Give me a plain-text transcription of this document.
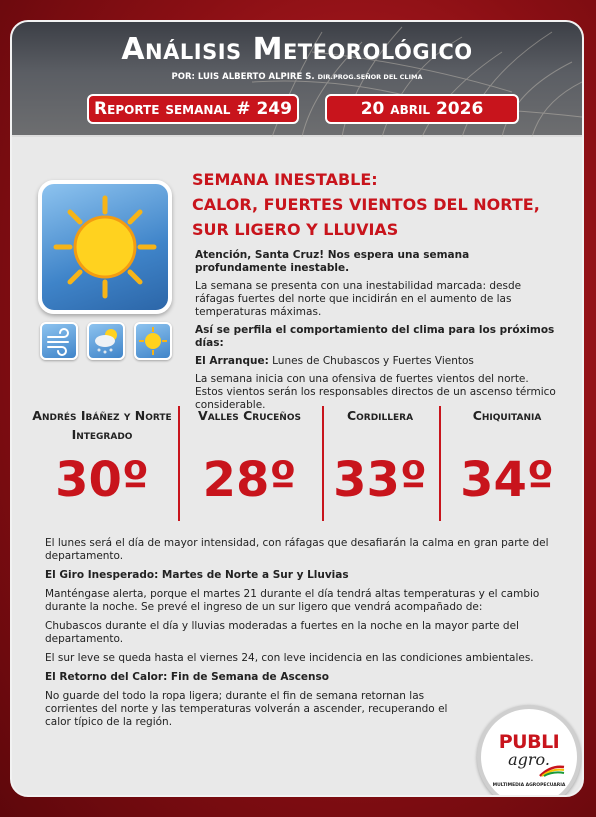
Análisis Meteorológico
POR: LUIS ALBERTO ALPIRE S. DIR.PROG.SEÑOR DEL CLIMA
Reporte semanal # 249	20 abril 2026
SEMANA INESTABLE:
CALOR, FUERTES VIENTOS DEL NORTE, SUR LIGERO Y LLUVIAS

Atención, Santa Cruz! Nos espera una semana profundamente inestable.

La semana se presenta con una inestabilidad marcada: desde ráfagas fuertes del norte que incidirán en el aumento de las temperaturas máximas.

Así se perfila el comportamiento del clima para los próximos días:

El Arranque: Lunes de Chubascos y Fuertes Vientos

La semana inicia con una ofensiva de fuertes vientos del norte. Estos vientos serán los responsables directos de un ascenso térmico considerable.

Andrés Ibáñez y Norte Integrado
30º
Valles Cruceños
28º
Cordillera
33º
Chiquitania
34º

El lunes será el día de mayor intensidad, con ráfagas que desafiarán la calma en gran parte del departamento.

El Giro Inesperado: Martes de Norte a Sur y Lluvias

Manténgase alerta, porque el martes 21 durante el día tendrá altas temperaturas y el cambio durante la noche. Se prevé el ingreso de un sur ligero que vendrá acompañado de:

Chubascos durante el día y lluvias moderadas a fuertes en la noche en la mayor parte del departamento.

El sur leve se queda hasta el viernes 24, con leve incidencia en las condiciones ambientales.

El Retorno del Calor: Fin de Semana de Ascenso

No guarde del todo la ropa ligera; durante el fin de semana retornan las corrientes del norte y las temperaturas volverán a ascender, recuperando el calor típico de la región.

PUBLI
agro.
MULTIMEDIA AGROPECUARIA
